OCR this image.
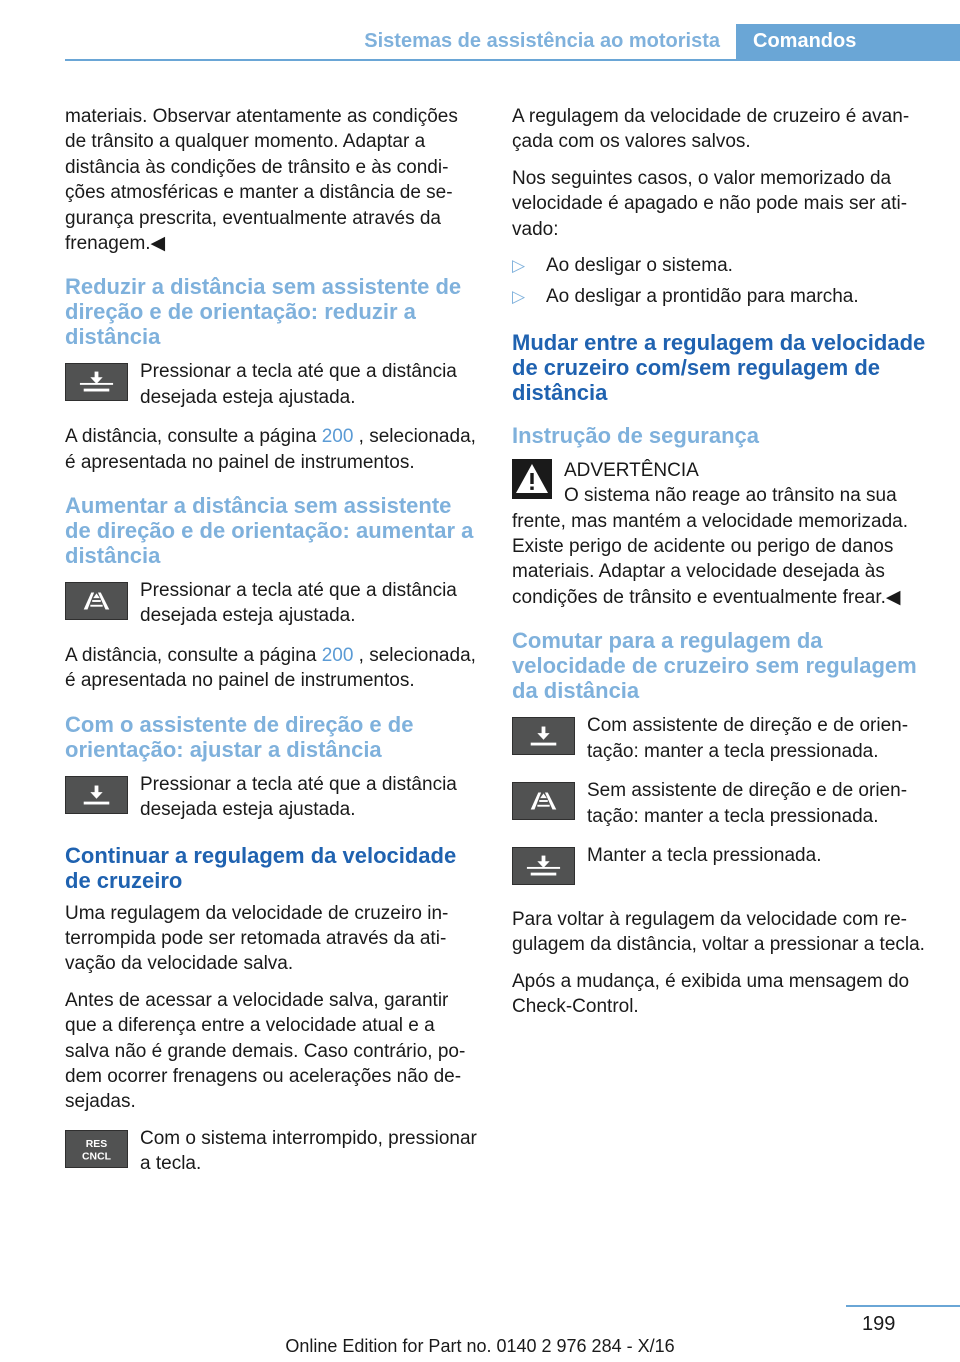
Sistemas de assistência ao motorista Comandos

materiais. Observar atentamente as condições de trânsito a qualquer momento. Adaptar a distância às condições de trânsito e às condições atmosféricas e manter a distância de segurança prescrita, eventualmente através da frenagem.◀

Reduzir a distância sem assistente de direção e de orientação: reduzir a distância

Pressionar a tecla até que a distância desejada esteja ajustada.

A distância, consulte a página 200 , selecionada, é apresentada no painel de instrumentos.

Aumentar a distância sem assistente de direção e de orientação: aumentar a distância

Pressionar a tecla até que a distância desejada esteja ajustada.

A distância, consulte a página 200 , selecionada, é apresentada no painel de instrumentos.

Com o assistente de direção e de orientação: ajustar a distância

Pressionar a tecla até que a distância desejada esteja ajustada.

Continuar a regulagem da velocidade de cruzeiro

Uma regulagem da velocidade de cruzeiro interrompida pode ser retomada através da ativação da velocidade salva.

Antes de acessar a velocidade salva, garantir que a diferença entre a velocidade atual e a salva não é grande demais. Caso contrário, podem ocorrer frenagens ou acelerações não desejadas.

RES
CNCL

Com o sistema interrompido, pressionar a tecla.

A regulagem da velocidade de cruzeiro é avançada com os valores salvos.

Nos seguintes casos, o valor memorizado da velocidade é apagado e não pode mais ser ativado:

▷ Ao desligar o sistema.
▷ Ao desligar a prontidão para marcha.
Mudar entre a regulagem da velocidade de cruzeiro com/sem regulagem de distância
Instrução de segurança

ADVERTÊNCIA

O sistema não reage ao trânsito na sua

frente, mas mantém a velocidade memorizada. Existe perigo de acidente ou perigo de danos materiais. Adaptar a velocidade desejada às condições de trânsito e eventualmente frear.◀

Comutar para a regulagem da velocidade de cruzeiro sem regulagem da distância

Com assistente de direção e de orientação: manter a tecla pressionada.

Sem assistente de direção e de orientação: manter a tecla pressionada.

Manter a tecla pressionada.

Para voltar à regulagem da velocidade com regulagem da distância, voltar a pressionar a tecla.

Após a mudança, é exibida uma mensagem do Check-Control.

199
Online Edition for Part no. 0140 2 976 284 - X/16
